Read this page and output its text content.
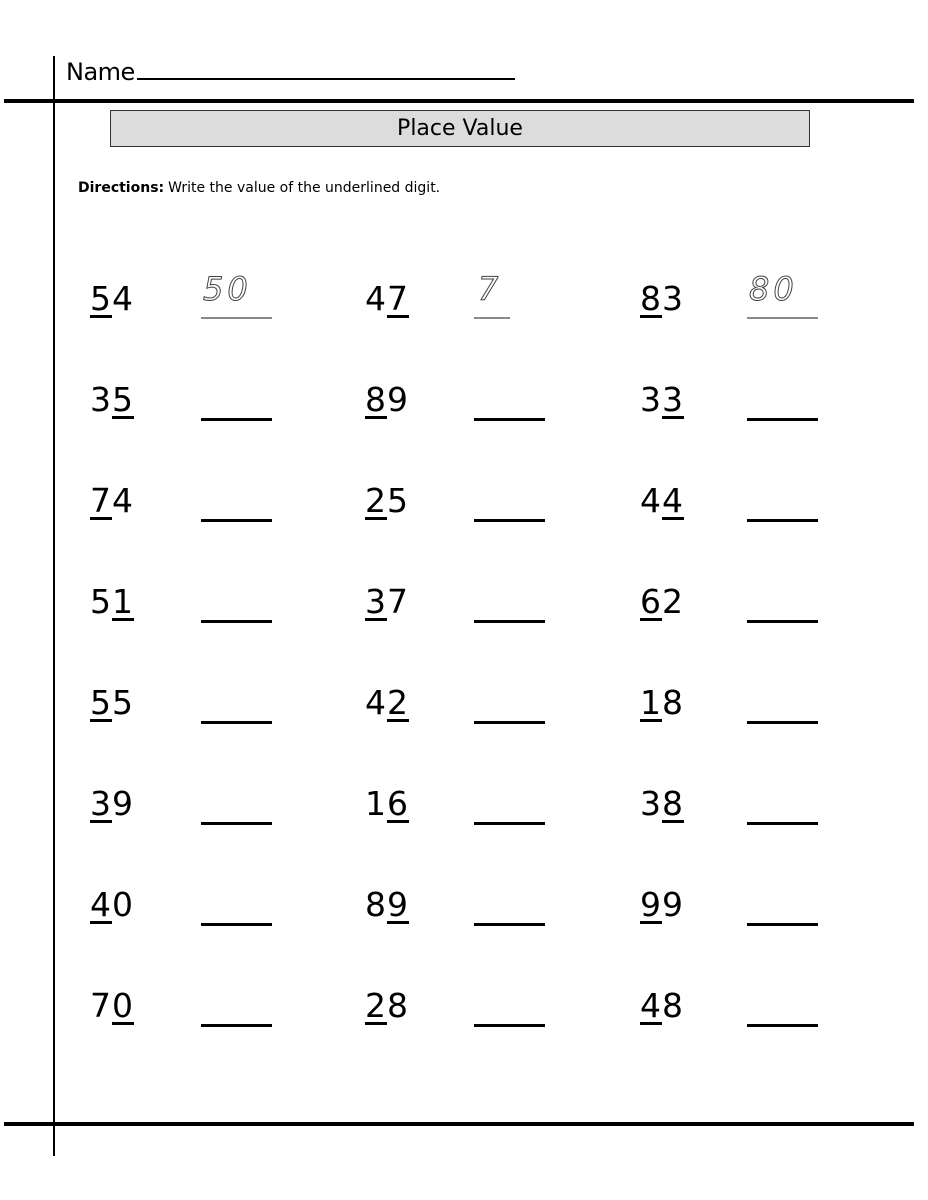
Name
Place Value
Directions: Write the value of the underlined digit.
54 50
35
74
51
55
39
40
70
47 7
89
25
37
42
16
89
28
83 80
33
44
62
18
38
99
48
